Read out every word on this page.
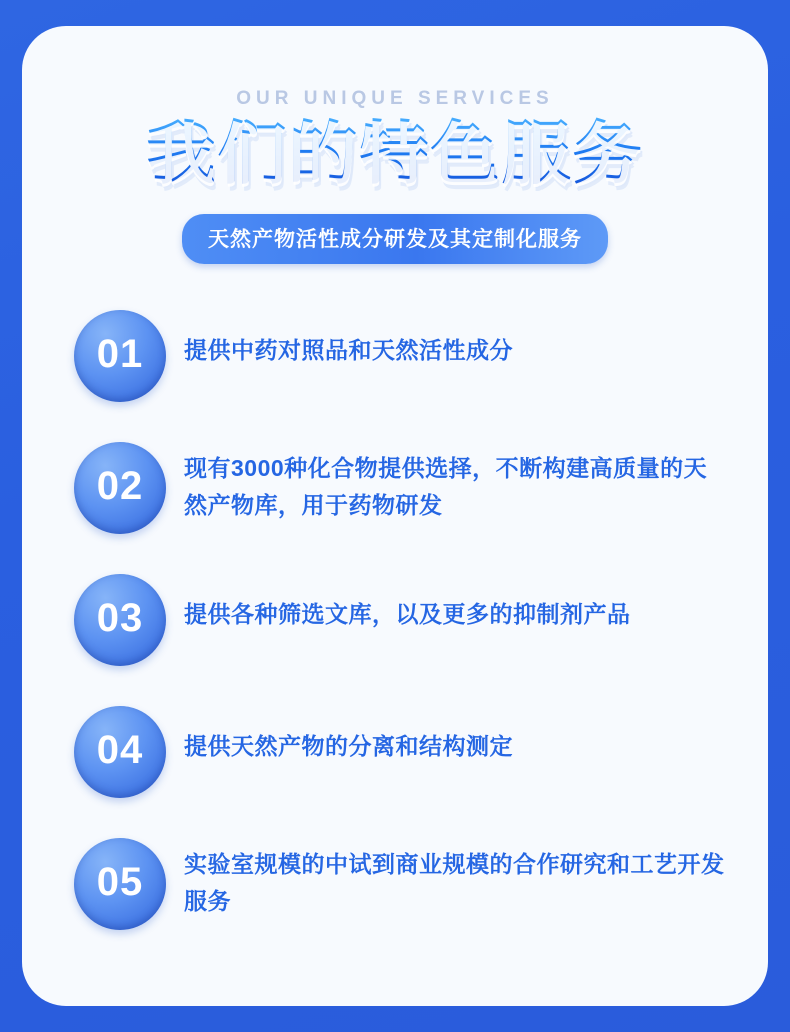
OUR UNIQUE SERVICES
我们的特色服务
天然产物活性成分研发及其定制化服务
01 提供中药对照品和天然活性成分
02 现有3000种化合物提供选择，不断构建高质量的天然产物库，用于药物研发
03 提供各种筛选文库，以及更多的抑制剂产品
04 提供天然产物的分离和结构测定
05 实验室规模的中试到商业规模的合作研究和工艺开发服务
